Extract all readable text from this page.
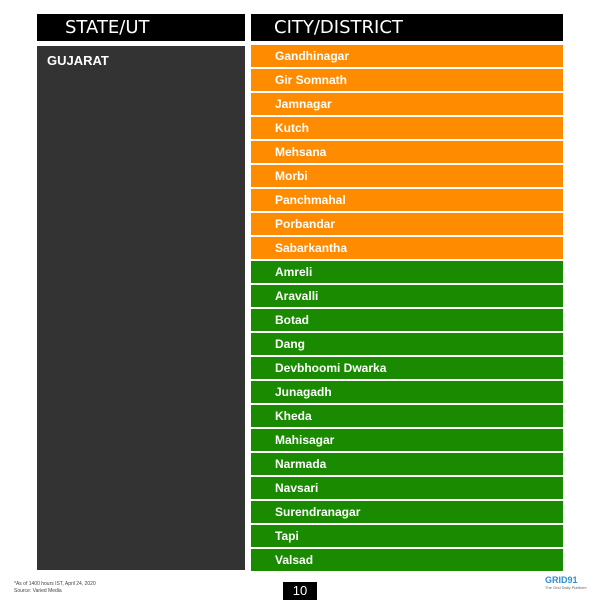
STATE/UT	CITY/DISTRICT
GUJARAT	Gandhinagar
Gir Somnath
Jamnagar
Kutch
Mehsana
Morbi
Panchmahal
Porbandar
Sabarkantha
Amreli
Aravalli
Botad
Dang
Devbhoomi Dwarka
Junagadh
Kheda
Mahisagar
Narmada
Navsari
Surendranagar
Tapi
Valsad
*As of 1400 hours IST, April 24, 2020
Source: Varied Media	10
GRID91
The Grid Daily Platform
